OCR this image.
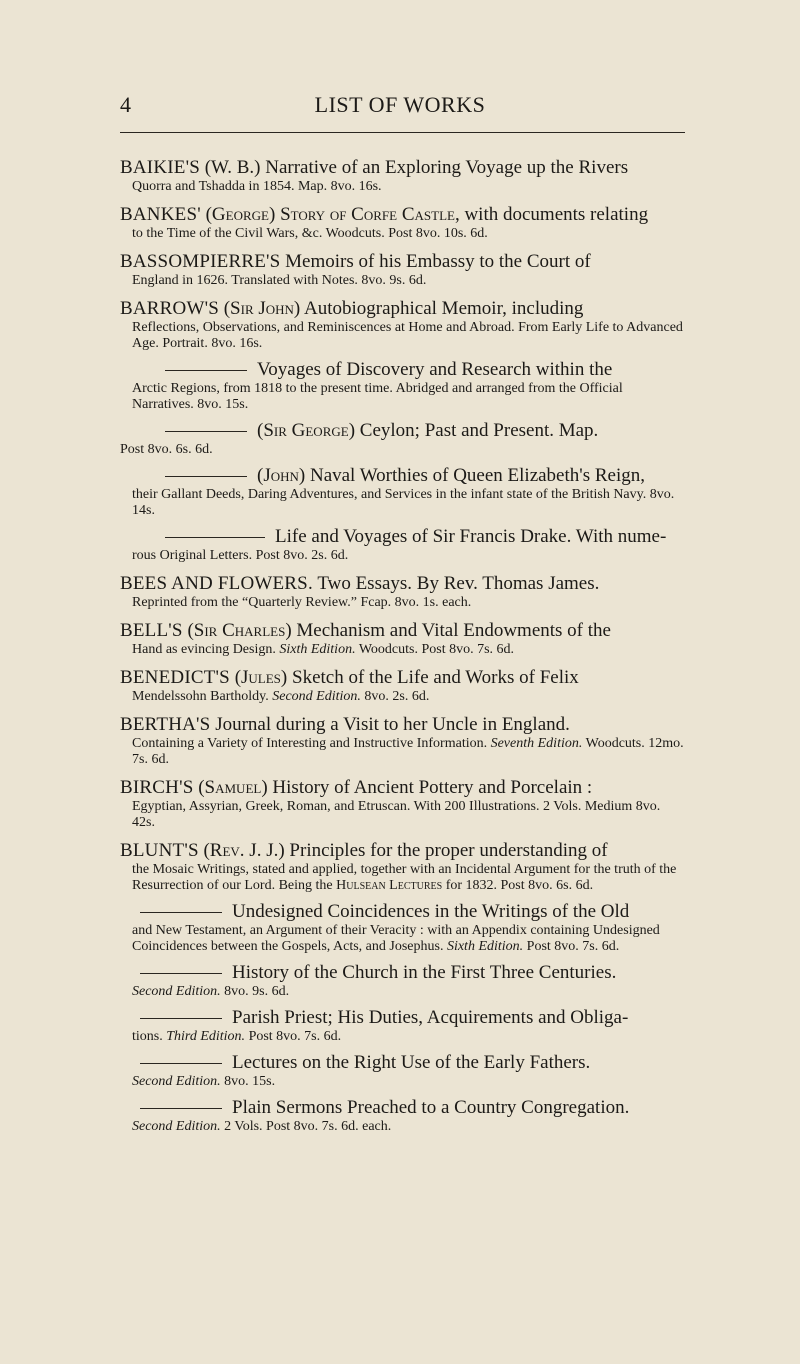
4	LIST OF WORKS
BAIKIE'S (W. B.) Narrative of an Exploring Voyage up the Rivers
Quorra and Tshadda in 1854. Map. 8vo. 16s.
BANKES' (George) Story of Corfe Castle, with documents relating
to the Time of the Civil Wars, &c. Woodcuts. Post 8vo. 10s. 6d.
BASSOMPIERRE'S Memoirs of his Embassy to the Court of
England in 1626. Translated with Notes. 8vo. 9s. 6d.
BARROW'S (Sir John) Autobiographical Memoir, including
Reflections, Observations, and Reminiscences at Home and Abroad. From Early Life to Advanced Age. Portrait. 8vo. 16s.
Voyages of Discovery and Research within the
Arctic Regions, from 1818 to the present time. Abridged and arranged from the Official Narratives. 8vo. 15s.
(Sir George) Ceylon; Past and Present. Map.
Post 8vo. 6s. 6d.
(John) Naval Worthies of Queen Elizabeth's Reign,
their Gallant Deeds, Daring Adventures, and Services in the infant state of the British Navy. 8vo. 14s.
Life and Voyages of Sir Francis Drake. With nume-
rous Original Letters. Post 8vo. 2s. 6d.
BEES AND FLOWERS. Two Essays. By Rev. Thomas James.
Reprinted from the “Quarterly Review.” Fcap. 8vo. 1s. each.
BELL'S (Sir Charles) Mechanism and Vital Endowments of the
Hand as evincing Design. Sixth Edition. Woodcuts. Post 8vo. 7s. 6d.
BENEDICT'S (Jules) Sketch of the Life and Works of Felix
Mendelssohn Bartholdy. Second Edition. 8vo. 2s. 6d.
BERTHA'S Journal during a Visit to her Uncle in England.
Containing a Variety of Interesting and Instructive Information. Seventh Edition. Woodcuts. 12mo. 7s. 6d.
BIRCH'S (Samuel) History of Ancient Pottery and Porcelain :
Egyptian, Assyrian, Greek, Roman, and Etruscan. With 200 Illustrations. 2 Vols. Medium 8vo. 42s.
BLUNT'S (Rev. J. J.) Principles for the proper understanding of
the Mosaic Writings, stated and applied, together with an Incidental Argument for the truth of the Resurrection of our Lord. Being the Hulsean Lectures for 1832. Post 8vo. 6s. 6d.
Undesigned Coincidences in the Writings of the Old
and New Testament, an Argument of their Veracity : with an Appendix containing Undesigned Coincidences between the Gospels, Acts, and Josephus. Sixth Edition. Post 8vo. 7s. 6d.
History of the Church in the First Three Centuries.
Second Edition. 8vo. 9s. 6d.
Parish Priest; His Duties, Acquirements and Obliga-
tions. Third Edition. Post 8vo. 7s. 6d.
Lectures on the Right Use of the Early Fathers.
Second Edition. 8vo. 15s.
Plain Sermons Preached to a Country Congregation.
Second Edition. 2 Vols. Post 8vo. 7s. 6d. each.
